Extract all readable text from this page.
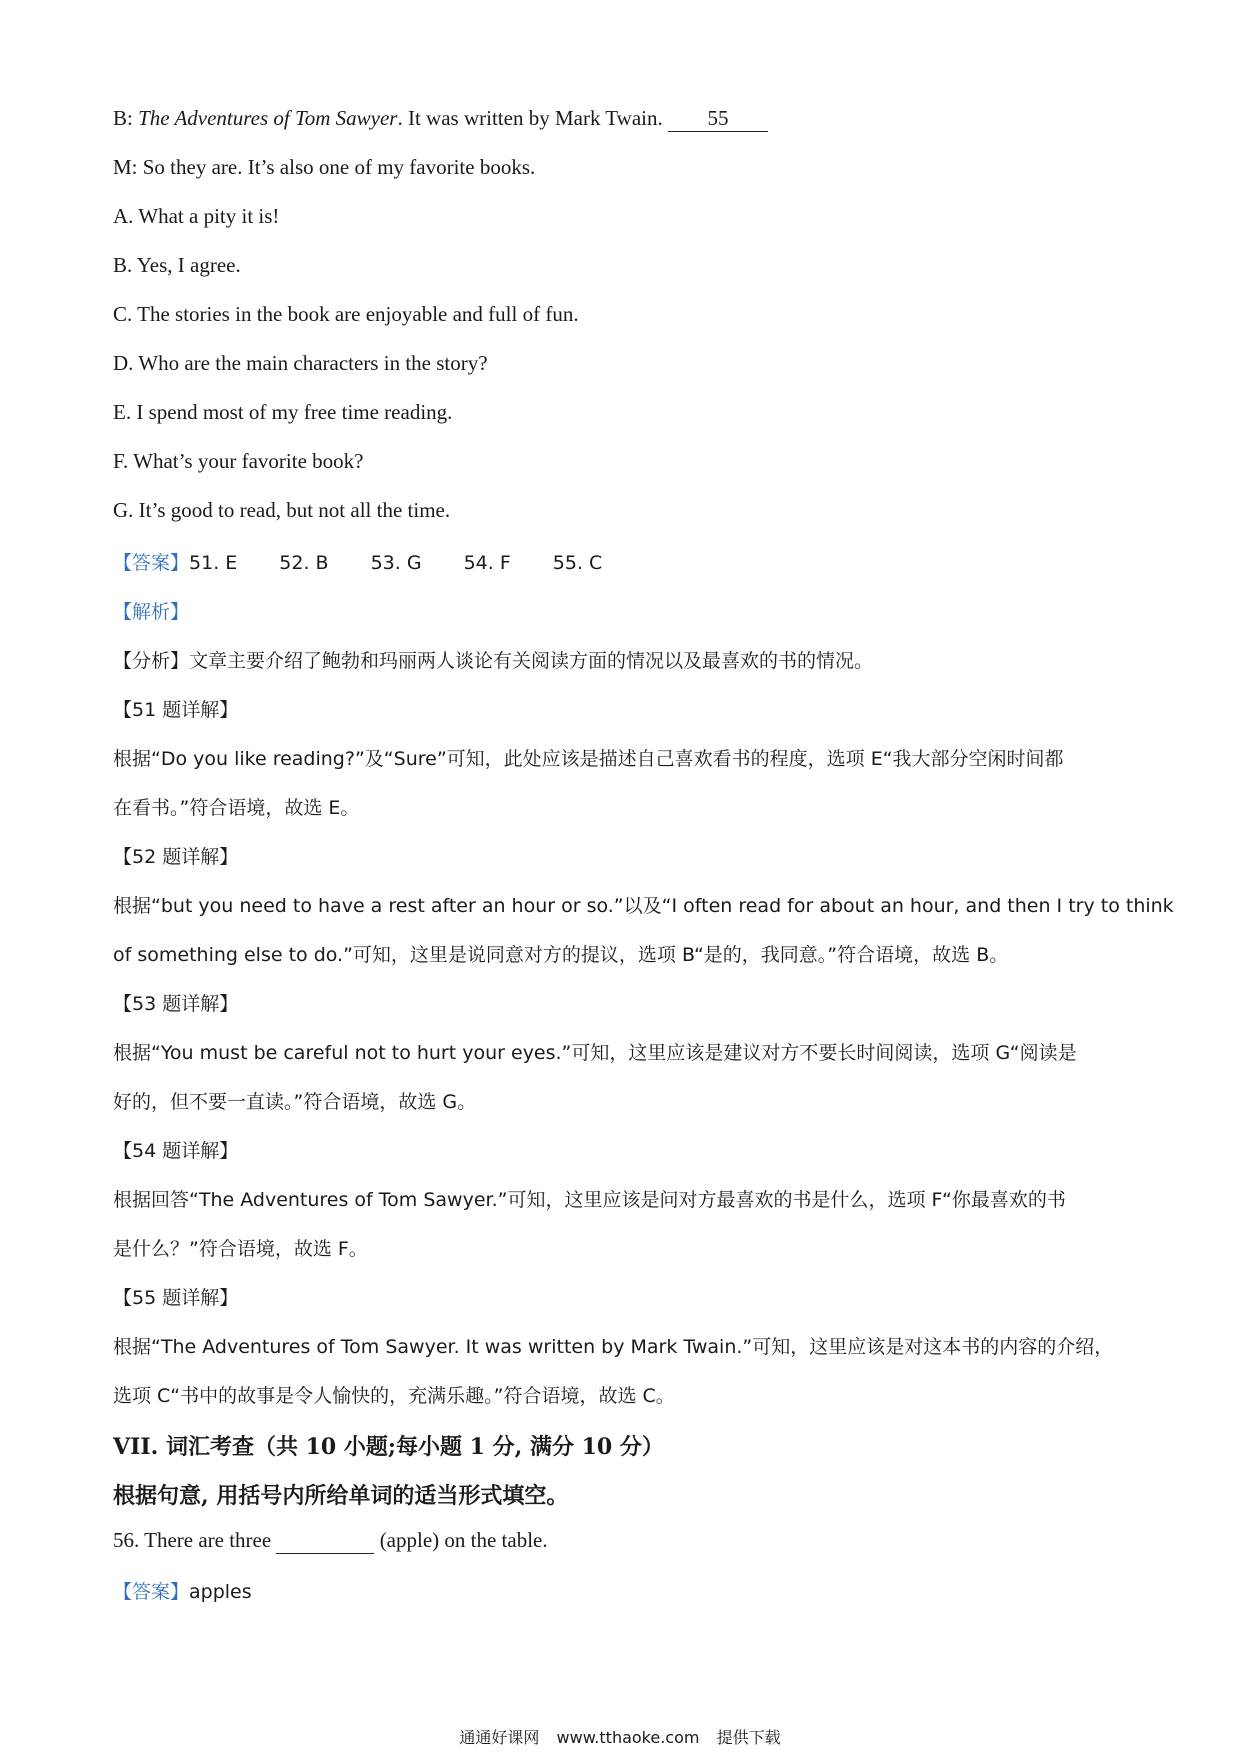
B: The Adventures of Tom Sawyer. It was written by Mark Twain. 55
M: So they are. It’s also one of my favorite books.
A. What a pity it is!
B. Yes, I agree.
C. The stories in the book are enjoyable and full of fun.
D. Who are the main characters in the story?
E. I spend most of my free time reading.
F. What’s your favorite book?
G. It’s good to read, but not all the time.
【答案】51. E 52. B 53. G 54. F 55. C
【解析】
【分析】文章主要介绍了鲍勃和玛丽两人谈论有关阅读方面的情况以及最喜欢的书的情况。
【51 题详解】
根据“Do you like reading?”及“Sure”可知，此处应该是描述自己喜欢看书的程度，选项 E“我大部分空闲时间都
在看书。”符合语境，故选 E。
【52 题详解】
根据“but you need to have a rest after an hour or so.”以及“I often read for about an hour, and then I try to think
of something else to do.”可知，这里是说同意对方的提议，选项 B“是的，我同意。”符合语境，故选 B。
【53 题详解】
根据“You must be careful not to hurt your eyes.”可知，这里应该是建议对方不要长时间阅读，选项 G“阅读是
好的，但不要一直读。”符合语境，故选 G。
【54 题详解】
根据回答“The Adventures of Tom Sawyer.”可知，这里应该是问对方最喜欢的书是什么，选项 F“你最喜欢的书
是什么？”符合语境，故选 F。
【55 题详解】
根据“The Adventures of Tom Sawyer. It was written by Mark Twain.”可知，这里应该是对这本书的内容的介绍，
选项 C“书中的故事是令人愉快的，充满乐趣。”符合语境，故选 C。
VII. 词汇考查（共 10 小题;每小题 1 分, 满分 10 分）
根据句意, 用括号内所给单词的适当形式填空。
56. There are three	(apple) on the table.
【答案】apples
通通好课网 www.tthaoke.com 提供下载
